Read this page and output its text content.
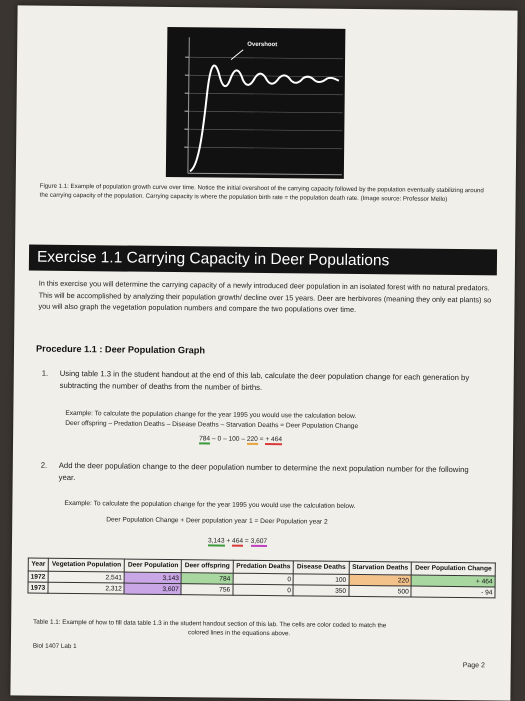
Overshoot
Figure 1.1: Example of population growth curve over time. Notice the initial overshoot of the carrying capacity followed by the population eventually stabilizing around the carrying capacity of the population. Carrying capacity is where the population birth rate = the population death rate. (Image source: Professor Mello)
Exercise 1.1 Carrying Capacity in Deer Populations
In this exercise you will determine the carrying capacity of a newly introduced deer population in an isolated forest with no natural predators. This will be accomplished by analyzing their population growth/ decline over 15 years. Deer are herbivores (meaning they only eat plants) so you will also graph the vegetation population numbers and compare the two populations over time.
Procedure 1.1 : Deer Population Graph
1. Using table 1.3 in the student handout at the end of this lab, calculate the deer population change for each generation by subtracting the number of deaths from the number of births.
Example: To calculate the population change for the year 1995 you would use the calculation below.
Deer offspring – Predation Deaths – Disease Deaths – Starvation Deaths = Deer Population Change
784 – 0 – 100 – 220 = + 464
2. Add the deer population change to the deer population number to determine the next population number for the following year.
Example: To calculate the population change for the year 1995 you would use the calculation below.
Deer Population Change + Deer population year 1 = Deer Population year 2
3,143 + 464 = 3,607
Year	Vegetation Population	Deer Population	Deer offspring	Predation Deaths	Disease Deaths	Starvation Deaths	Deer Population Change
1972	2,541	3,143	784	0	100	220	+ 464
1973	2,312	3,607	756	0	350	500	- 94
Table 1.1: Example of how to fill data table 1.3 in the student handout section of this lab. The cells are color coded to match the
colored lines in the equations above.
Biol 1407 Lab 1
Page 2
